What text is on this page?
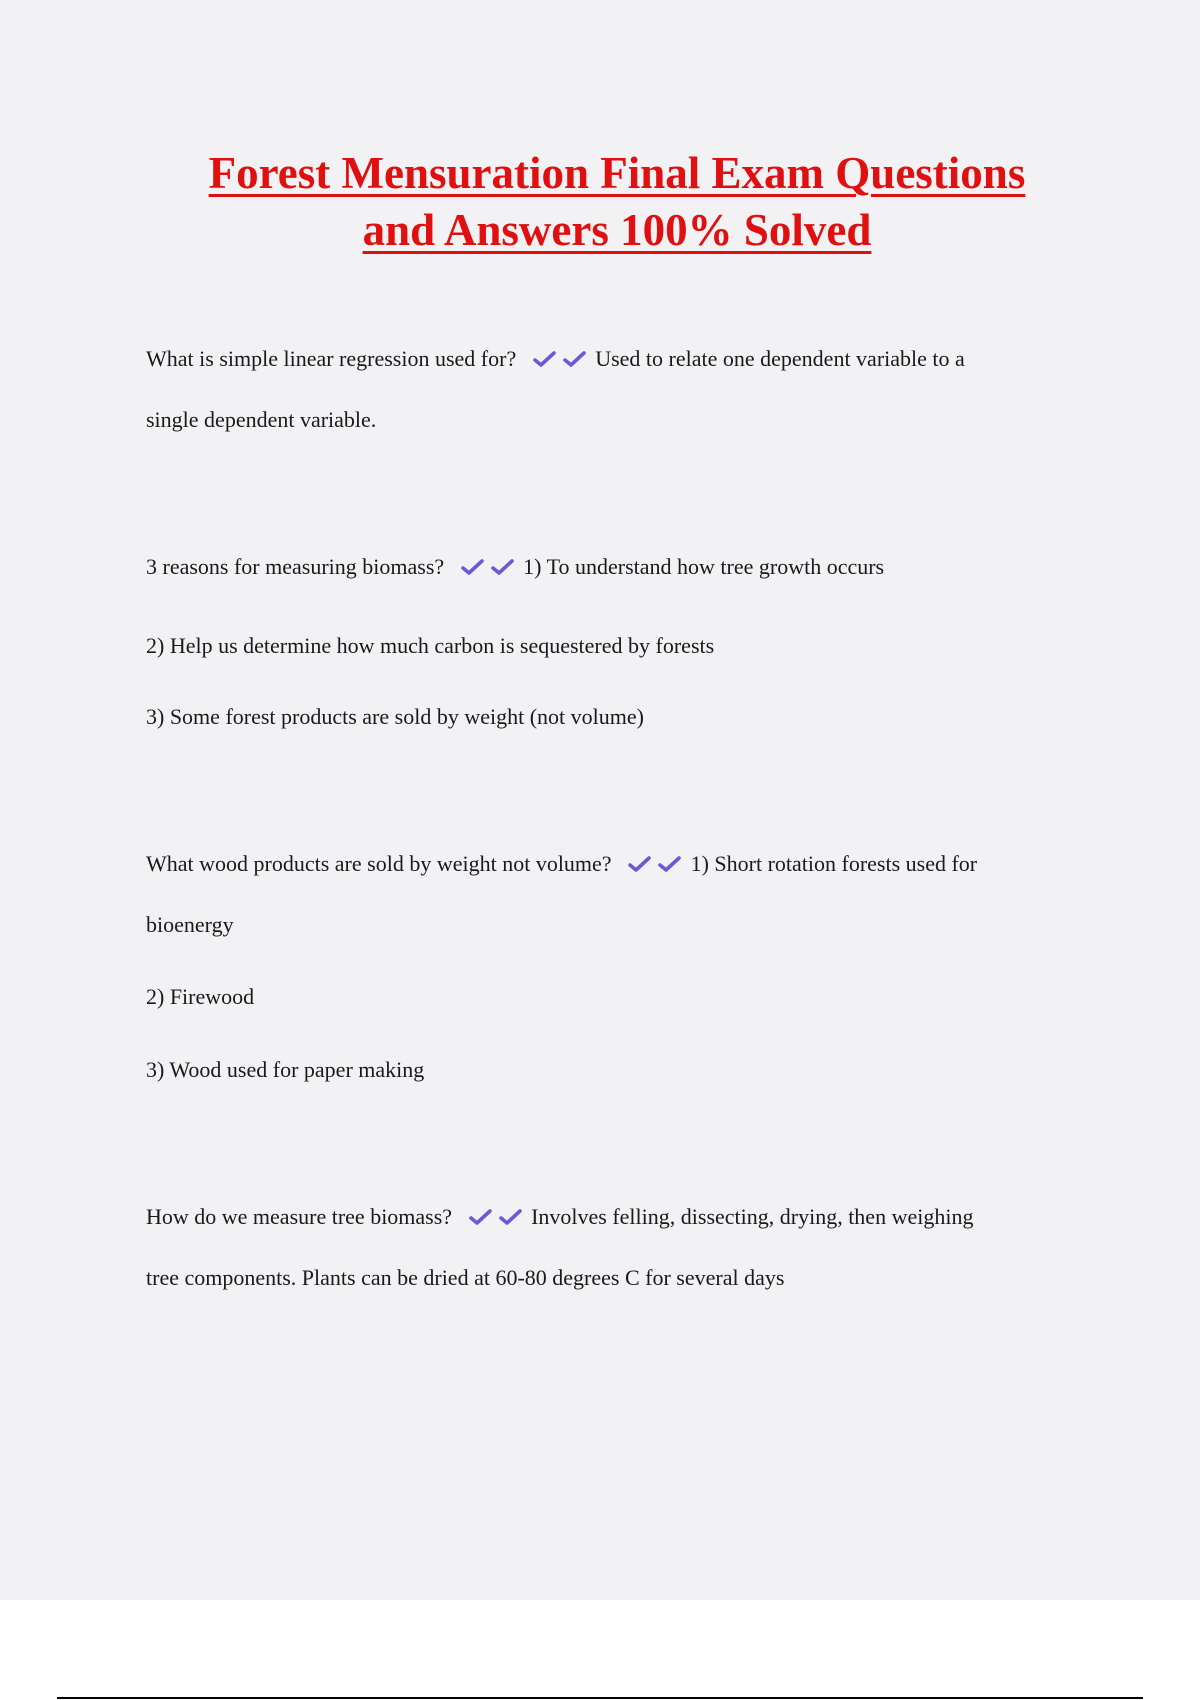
Forest Mensuration Final Exam Questions
and Answers 100% Solved
What is simple linear regression used for?	Used to relate one dependent variable to a
single dependent variable.
3 reasons for measuring biomass?	1) To understand how tree growth occurs
2) Help us determine how much carbon is sequestered by forests
3) Some forest products are sold by weight (not volume)
What wood products are sold by weight not volume?	1) Short rotation forests used for
bioenergy
2) Firewood
3) Wood used for paper making
How do we measure tree biomass?	Involves felling, dissecting, drying, then weighing
tree components. Plants can be dried at 60-80 degrees C for several days
